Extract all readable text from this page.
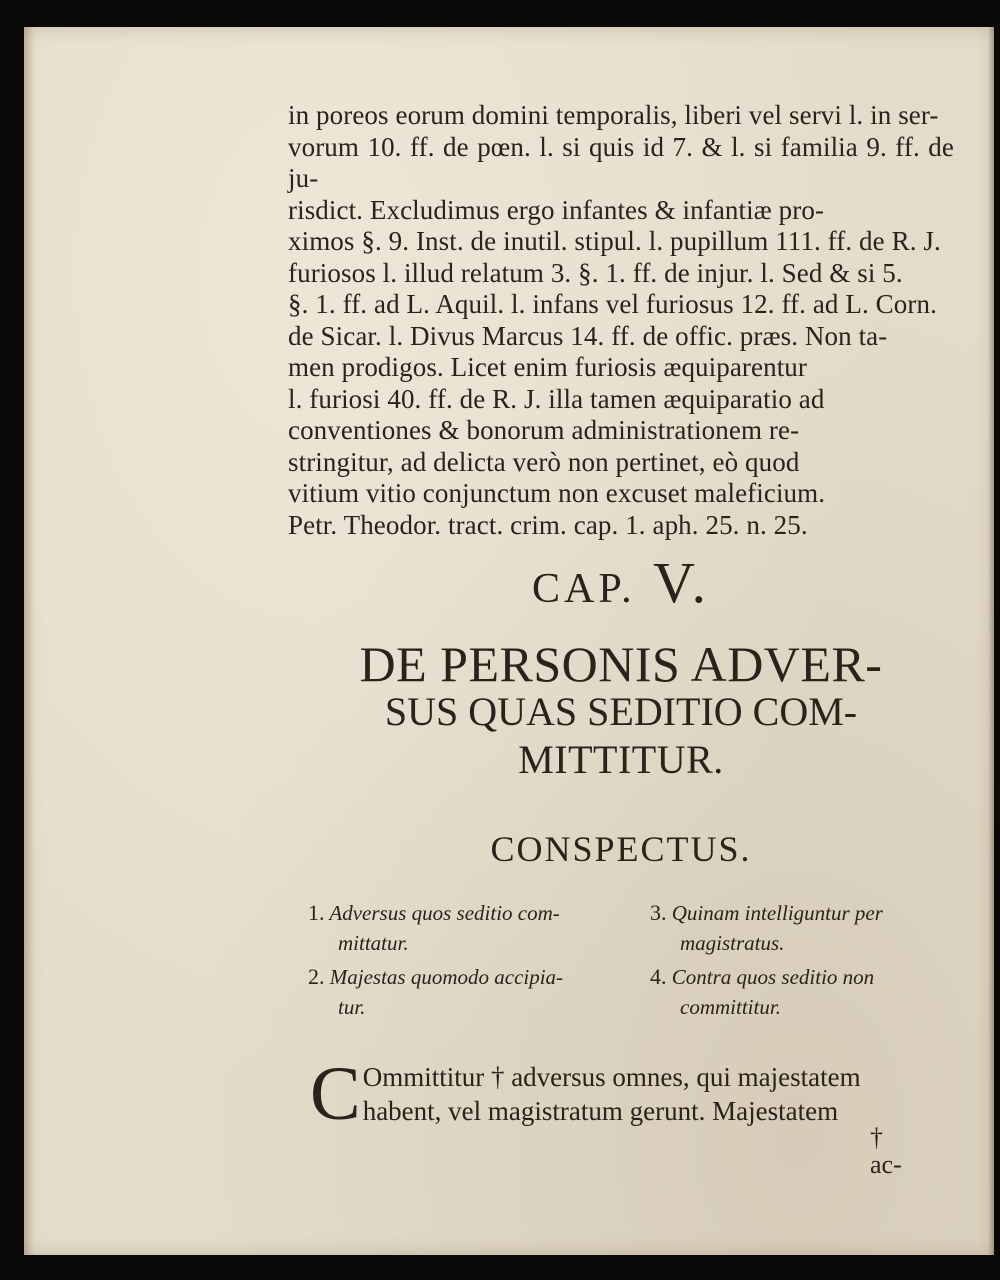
in poreos eorum domini temporalis, liberi vel servi l. in ser-

vorum 10. ff. de pœn. l. si quis id 7. & l. si familia 9. ff. de ju-

risdict. Excludimus ergo infantes & infantiæ pro-

ximos §. 9. Inst. de inutil. stipul. l. pupillum 111. ff. de R. J.

furiosos l. illud relatum 3. §. 1. ff. de injur. l. Sed & si 5.

§. 1. ff. ad L. Aquil. l. infans vel furiosus 12. ff. ad L. Corn.

de Sicar. l. Divus Marcus 14. ff. de offic. præs. Non ta-

men prodigos. Licet enim furiosis æquiparentur

l. furiosi 40. ff. de R. J. illa tamen æquiparatio ad

conventiones & bonorum administrationem re-

stringitur, ad delicta verò non pertinet, eò quod

vitium vitio conjunctum non excuset maleficium.

Petr. Theodor. tract. crim. cap. 1. aph. 25. n. 25.

CAP. V.
DE PERSONIS ADVER-
SUS QUAS SEDITIO COM-
MITTITUR.
CONSPECTUS.
1. Adversus quos seditio com-
mittatur.
2. Majestas quomodo accipia-
tur.
3. Quinam intelliguntur per
magistratus.
4. Contra quos seditio non
committitur.
C Ommittitur † adversus omnes, qui majestatem
habent, vel magistratum gerunt. Majestatem
†
ac-
